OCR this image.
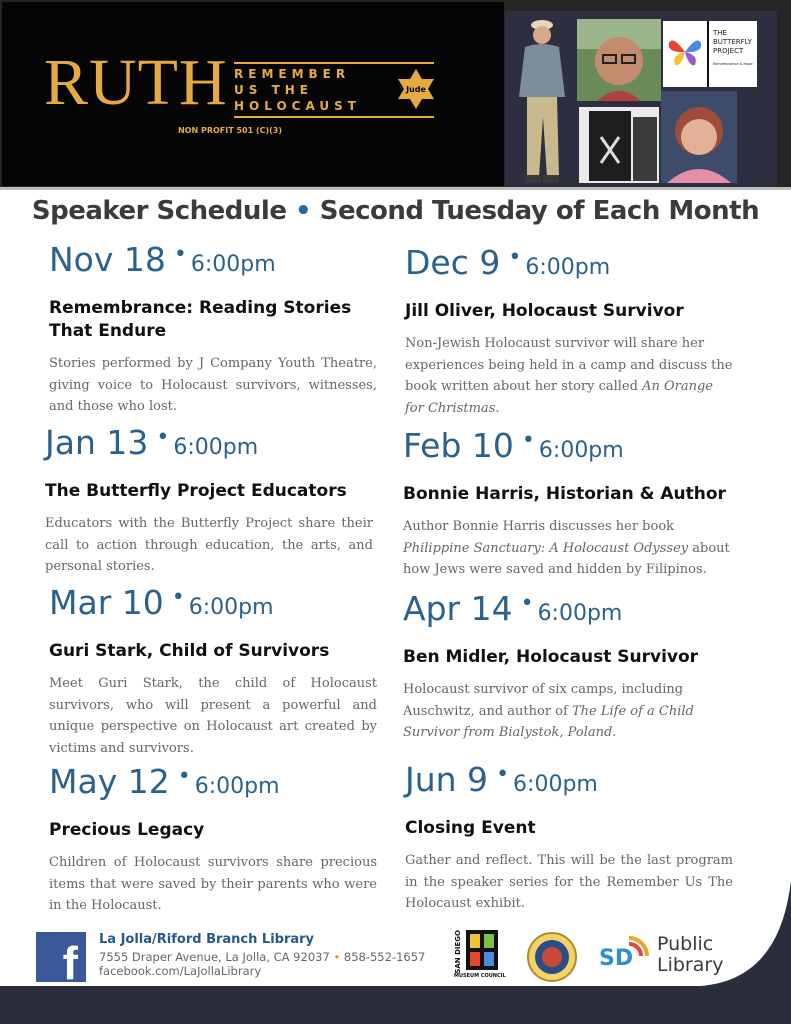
RUTH REMEMBER
US THE
HOLOCAUST
Jude
NON PROFIT 501 (C)(3)
THE
BUTTERFLY
PROJECT
Remembrance & Hope
Speaker Schedule • Second Tuesday of Each Month
Nov 18 • 6:00pm
Remembrance: Reading Stories That Endure
Stories performed by J Company Youth Theatre, giving voice to Holocaust survivors, witnesses, and those who lost.
Dec 9 • 6:00pm
Jill Oliver, Holocaust Survivor
Non-Jewish Holocaust survivor will share her experiences being held in a camp and discuss the book written about her story called An Orange for Christmas.
Jan 13 • 6:00pm
The Butterfly Project Educators
Educators with the Butterfly Project share their call to action through education, the arts, and personal stories.
Feb 10 • 6:00pm
Bonnie Harris, Historian & Author
Author Bonnie Harris discusses her book Philippine Sanctuary: A Holocaust Odyssey about how Jews were saved and hidden by Filipinos.
Mar 10 • 6:00pm
Guri Stark, Child of Survivors
Meet Guri Stark, the child of Holocaust survivors, who will present a powerful and unique perspective on Holocaust art created by victims and survivors.
Apr 14 • 6:00pm
Ben Midler, Holocaust Survivor
Holocaust survivor of six camps, including Auschwitz, and author of The Life of a Child Survivor from Bialystok, Poland.
May 12 • 6:00pm
Precious Legacy
Children of Holocaust survivors share precious items that were saved by their parents who were in the Holocaust.
Jun 9 • 6:00pm
Closing Event
Gather and reflect. This will be the last program in the speaker series for the Remember Us The Holocaust exhibit.
f La Jolla/Riford Branch Library
7555 Draper Avenue, La Jolla, CA 92037 • 858-552-1657
facebook.com/LaJollaLibrary	SAN DIEGO
MUSEUM COUNCIL
SD
Public
Library
